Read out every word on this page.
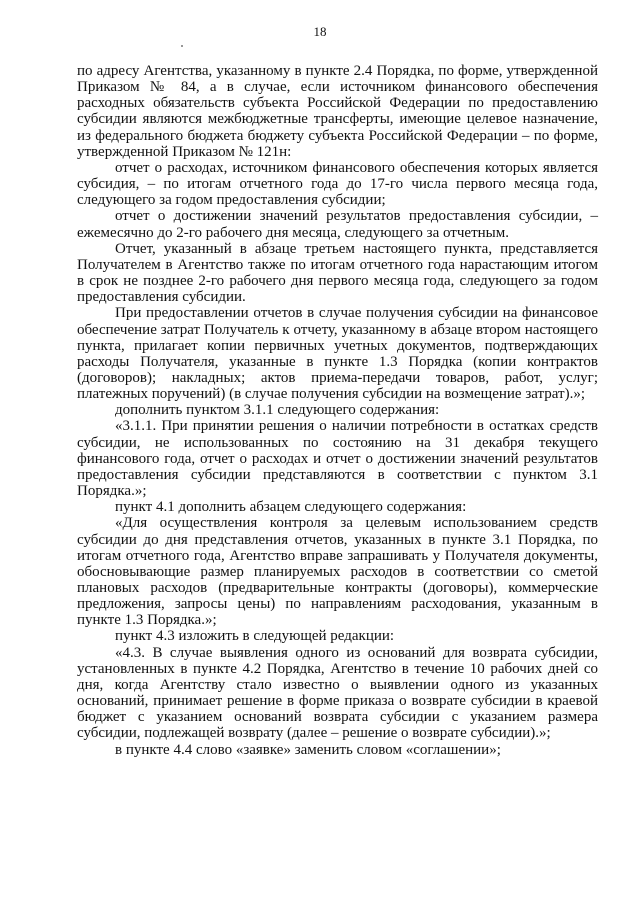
18

по адресу Агентства, указанному в пункте 2.4 Порядка, по форме, утвержденной Приказом № 84, а в случае, если источником финансового обеспечения расходных обязательств субъекта Российской Федерации по предоставлению субсидии являются межбюджетные трансферты, имеющие целевое назначение, из федерального бюджета бюджету субъекта Российской Федерации – по форме, утвержденной Приказом № 121н:

отчет о расходах, источником финансового обеспечения которых является субсидия, – по итогам отчетного года до 17-го числа первого месяца года, следующего за годом предоставления субсидии;

отчет о достижении значений результатов предоставления субсидии, – ежемесячно до 2-го рабочего дня месяца, следующего за отчетным.

Отчет, указанный в абзаце третьем настоящего пункта, представляется Получателем в Агентство также по итогам отчетного года нарастающим итогом в срок не позднее 2-го рабочего дня первого месяца года, следующего за годом предоставления субсидии.

При предоставлении отчетов в случае получения субсидии на финансовое обеспечение затрат Получатель к отчету, указанному в абзаце втором настоящего пункта, прилагает копии первичных учетных документов, подтверждающих расходы Получателя, указанные в пункте 1.3 Порядка (копии контрактов (договоров); накладных; актов приема-передачи товаров, работ, услуг; платежных поручений) (в случае получения субсидии на возмещение затрат).»;

дополнить пунктом 3.1.1 следующего содержания:

«3.1.1. При принятии решения о наличии потребности в остатках средств субсидии, не использованных по состоянию на 31 декабря текущего финансового года, отчет о расходах и отчет о достижении значений результатов предоставления субсидии представляются в соответствии с пунктом 3.1 Порядка.»;

пункт 4.1 дополнить абзацем следующего содержания:

«Для осуществления контроля за целевым использованием средств субсидии до дня представления отчетов, указанных в пункте 3.1 Порядка, по итогам отчетного года, Агентство вправе запрашивать у Получателя документы, обосновывающие размер планируемых расходов в соответствии со сметой плановых расходов (предварительные контракты (договоры), коммерческие предложения, запросы цены) по направлениям расходования, указанным в пункте 1.3 Порядка.»;

пункт 4.3 изложить в следующей редакции:

«4.3. В случае выявления одного из оснований для возврата субсидии, установленных в пункте 4.2 Порядка, Агентство в течение 10 рабочих дней со дня, когда Агентству стало известно о выявлении одного из указанных оснований, принимает решение в форме приказа о возврате субсидии в краевой бюджет с указанием оснований возврата субсидии с указанием размера субсидии, подлежащей возврату (далее – решение о возврате субсидии).»;

в пункте 4.4 слово «заявке» заменить словом «соглашении»;
